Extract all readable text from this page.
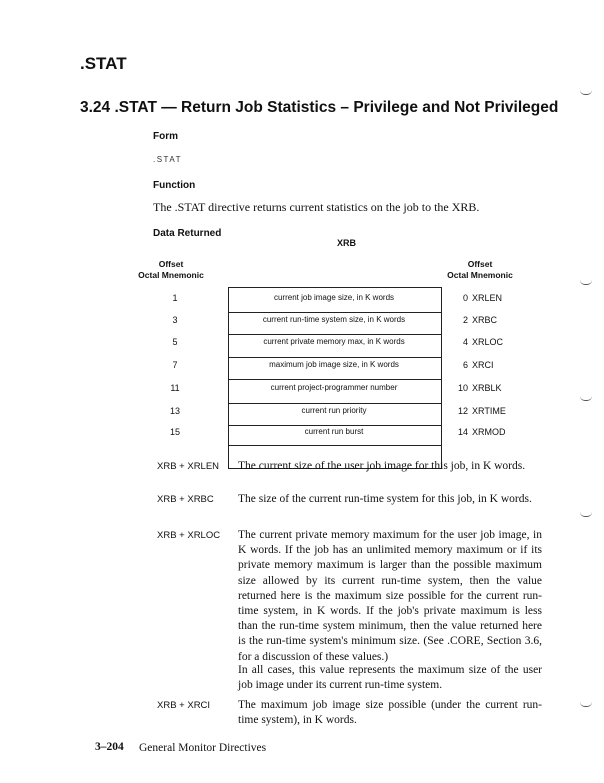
.STAT
3.24 .STAT — Return Job Statistics – Privilege and Not Privileged
Form
.STAT
Function
The .STAT directive returns current statistics on the job to the XRB.
Data Returned
XRB
Offset
Octal Mnemonic
Offset
Octal Mnemonic
1	current job image size, in K words	0 XRLEN
3	current run-time system size, in K words	2 XRBC
5	current private memory max, in K words	4 XRLOC
7	maximum job image size, in K words	6 XRCI
11	current project-programmer number	10 XRBLK
13	current run priority	12 XRTIME
15	current run burst	14 XRMOD
XRB + XRLEN The current size of the user job image for this job, in K words.
XRB + XRBC The size of the current run-time system for this job, in K words.
XRB + XRLOC The current private memory maximum for the user job image, in K words. If the job has an unlimited memory maximum or if its private memory maximum is larger than the possible maximum size allowed by its current run-time system, then the value returned here is the maximum size possible for the current run-time system, in K words. If the job's private maximum is less than the run-time system minimum, then the value returned here is the run-time system's minimum size. (See .CORE, Section 3.6, for a discussion of these values.)
In all cases, this value represents the maximum size of the user job image under its current run-time system.
XRB + XRCI The maximum job image size possible (under the current run-time system), in K words.
3–204 General Monitor Directives
